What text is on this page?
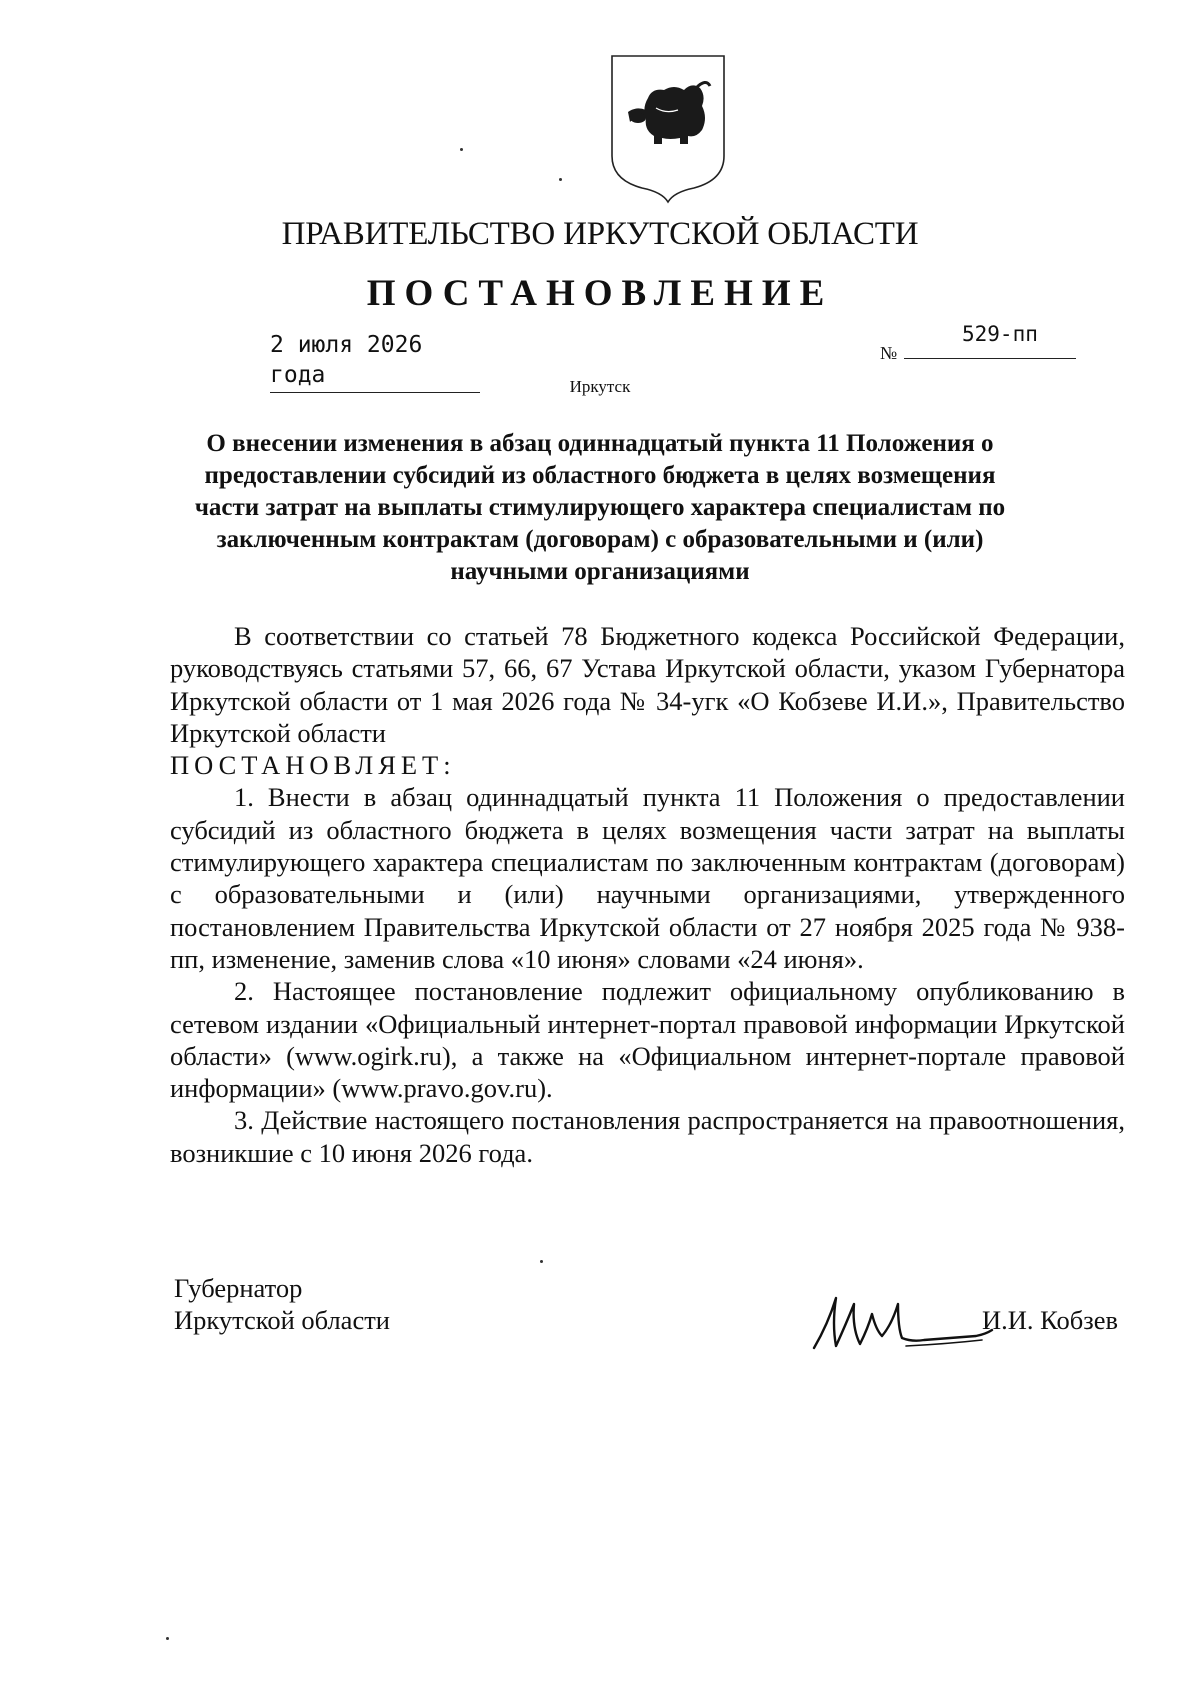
ПРАВИТЕЛЬСТВО ИРКУТСКОЙ ОБЛАСТИ
ПОСТАНОВЛЕНИЕ
2 июля 2026 года
№
529-пп
Иркутск
О внесении изменения в абзац одиннадцатый пункта 11 Положения о предоставлении субсидий из областного бюджета в целях возмещения части затрат на выплаты стимулирующего характера специалистам по заключенным контрактам (договорам) с образовательными и (или) научными организациями

В соответствии со статьей 78 Бюджетного кодекса Российской Федерации, руководствуясь статьями 57, 66, 67 Устава Иркутской области, указом Губернатора Иркутской области от 1 мая 2026 года № 34-угк «О Кобзеве И.И.», Правительство Иркутской области

ПОСТАНОВЛЯЕТ:

1. Внести в абзац одиннадцатый пункта 11 Положения о предоставлении субсидий из областного бюджета в целях возмещения части затрат на выплаты стимулирующего характера специалистам по заключенным контрактам (договорам) с образовательными и (или) научными организациями, утвержденного постановлением Правительства Иркутской области от 27 ноября 2025 года № 938-пп, изменение, заменив слова «10 июня» словами «24 июня».

2. Настоящее постановление подлежит официальному опубликованию в сетевом издании «Официальный интернет-портал правовой информации Иркутской области» (www.ogirk.ru), а также на «Официальном интернет-портале правовой информации» (www.pravo.gov.ru).

3. Действие настоящего постановления распространяется на правоотношения, возникшие с 10 июня 2026 года.

Губернатор
Иркутской области	И.И. Кобзев
